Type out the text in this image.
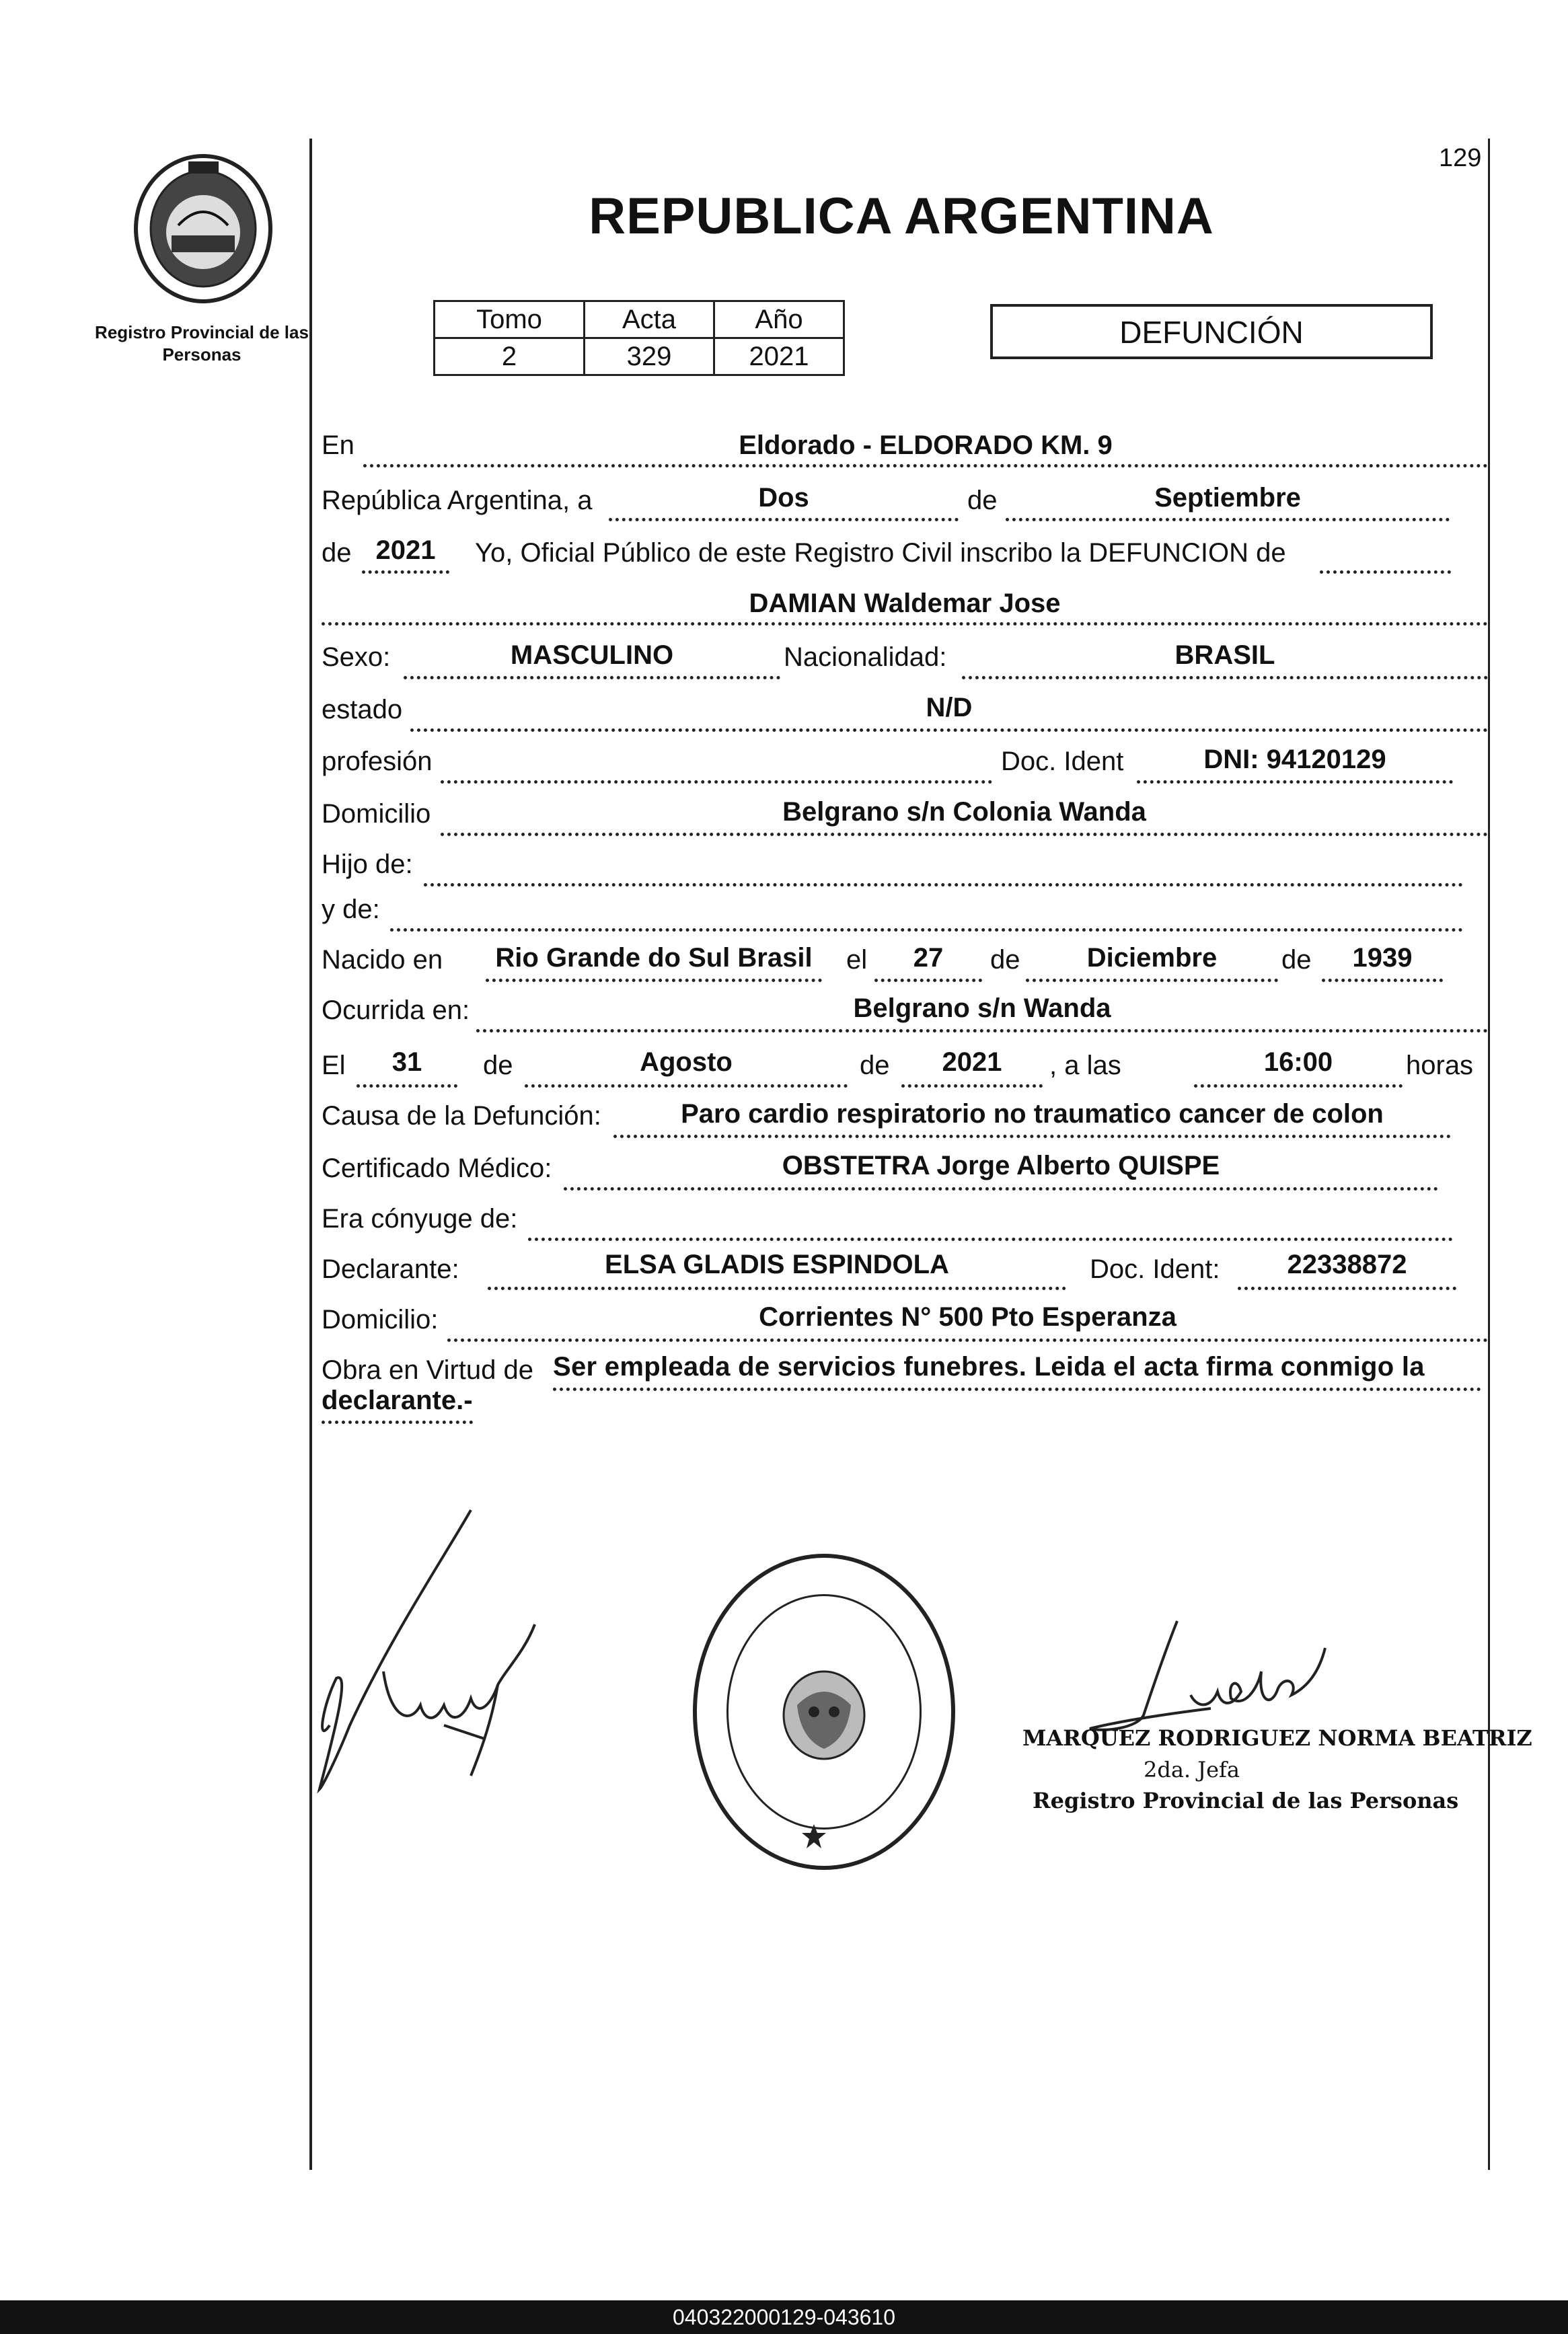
129
Registro Provincial de las Personas
REPUBLICA ARGENTINA
Tomo	Acta	Año
2	329	2021
DEFUNCIÓN
En	Eldorado - ELDORADO KM. 9
República Argentina, a	Dos	de	Septiembre
de 2021	Yo, Oficial Público de este Registro Civil inscribo la DEFUNCION de
DAMIAN Waldemar Jose
Sexo:	MASCULINO	Nacionalidad:	BRASIL
estado	N/D
profesión	Doc. Ident	DNI: 94120129
Domicilio	Belgrano s/n Colonia Wanda
Hijo de:
y de:
Nacido en	Rio Grande do Sul Brasil	el	27	de	Diciembre	de	1939
Ocurrida en:	Belgrano s/n Wanda
El	31	de	Agosto	de	2021	, a las	16:00	horas
Causa de la Defunción:	Paro cardio respiratorio no traumatico cancer de colon
Certificado Médico:	OBSTETRA Jorge Alberto QUISPE
Era cónyuge de:
Declarante:	ELSA GLADIS ESPINDOLA	Doc. Ident:	22338872
Domicilio:	Corrientes N° 500 Pto Esperanza
Obra en Virtud de Ser empleada de servicios funebres. Leida el acta firma conmigo la
declarante.-
MARQUEZ RODRIGUEZ NORMA BEATRIZ
2da. Jefa
Registro Provincial de las Personas
040322000129-043610
